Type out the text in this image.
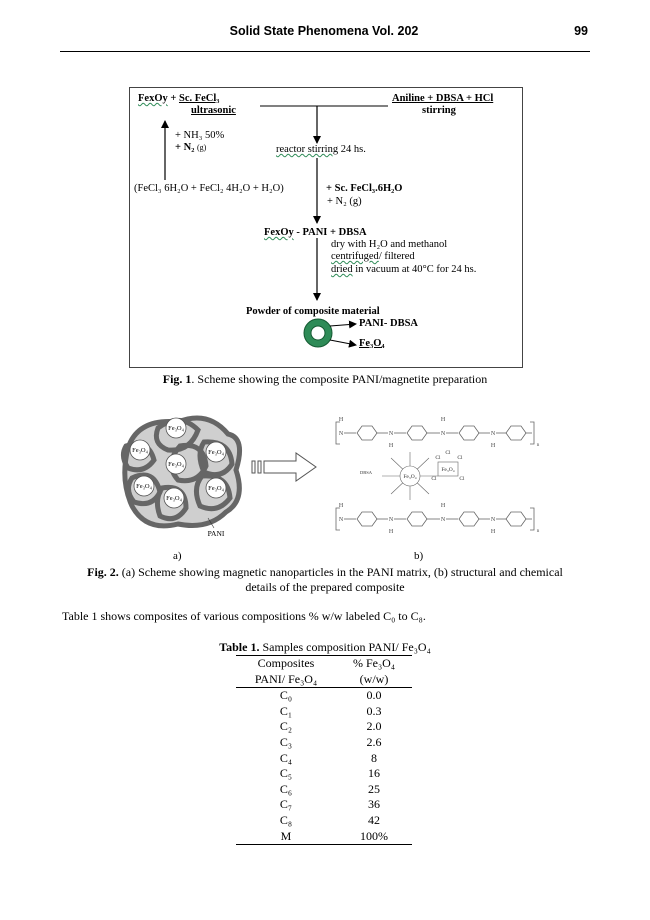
Solid State Phenomena Vol. 202	99
FexOy + Sc. FeCl₃
ultrasonic
Aniline + DBSA + HCl
stirring
+ NH₃ 50%
+ N₂ (g)	reactor stirring 24 hs.
(FeCl₃ 6H₂O + FeCl₂ 4H₂O + H₂O)	+ Sc. FeCl₃.6H₂O
+ N₂ (g)
FexOy - PANI + DBSA
dry with H₂O and methanol
centrifuged/ filtered
dried in vacuum at 40°C for 24 hs.
Powder of composite material
PANI- DBSA
Fe₃O₄
Fig. 1. Scheme showing the composite PANI/magnetite preparation
Fe₃O₄
Fe₃O₄
Fe₃O₄
Fe₃O₄
Fe₃O₄	Fe₃O₄
Fe₃O₄
PANI
N	N	N	N
H
H
H
H	n
N	N	N	N
H
H
H
H	n
Fe₃O₄
DBSA	Fe₃O₄
Cl	Cl
Cl
Cl	Cl
a)	b)
Fig. 2. (a) Scheme showing magnetic nanoparticles in the PANI matrix, (b) structural and chemical
details of the prepared composite
Table 1 shows composites of various compositions % w/w labeled C₀ to C₈.
Table 1. Samples composition PANI/ Fe₃O₄
Composites	% Fe₃O₄
PANI/ Fe₃O₄	(w/w)
C₀	0.0
C₁	0.3
C₂	2.0
C₃	2.6
C₄	8
C₅	16
C₆	25
C₇	36
C₈	42
M	100%
